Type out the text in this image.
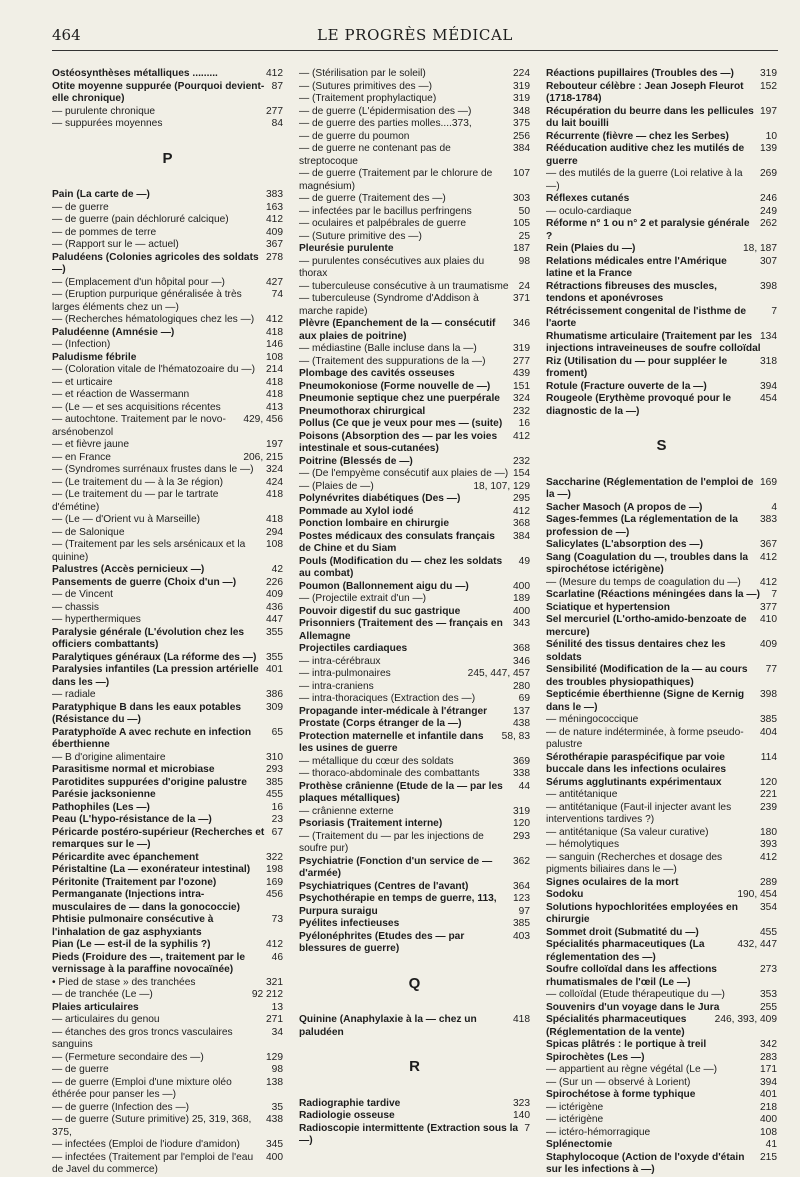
464	LE PROGRÈS MÉDICAL
412
Ostéosynthèses métalliques .........
87
Otite moyenne suppurée (Pourquoi devient-elle chronique)
277
— purulente chronique
84
— suppurées moyennes
P
383
Pain (La carte de —)
163
— de guerre
412
— de guerre (pain déchloruré calcique)
409
— de pommes de terre
367
— (Rapport sur le — actuel)
278
Paludéens (Colonies agricoles des soldats —)
427
— (Emplacement d'un hôpital pour —)
74
— (Eruption purpurique généralisée à très larges éléments chez un —)
412
— (Recherches hématologiques chez les —)
418
Paludéenne (Amnésie —)
146
— (Infection)
108
Paludisme fébrile
214
— (Coloration vitale de l'hématozoaire du —)
418
— et urticaire
418
— et réaction de Wassermann
413
— (Le — et ses acquisitions récentes
429, 456
— autochtone. Traitement par le novo-arsénobenzol
197
— et fièvre jaune
206, 215
— en France
324
— (Syndromes surrénaux frustes dans le —)
424
— (Le traitement du — à la 3e région)
418
— (Le traitement du — par le tartrate d'émétine)
418
— (Le — d'Orient vu à Marseille)
294
— de Salonique
108
— (Traitement par les sels arsénicaux et la quinine)
42
Palustres (Accès pernicieux —)
226
Pansements de guerre (Choix d'un —)
409
— de Vincent
436
— chassis
447
— hyperthermiques
355
Paralysie générale (L'évolution chez les officiers combattants)
355
Paralytiques généraux (La réforme des —)
401
Paralysies infantiles (La pression artérielle dans les —)
386
— radiale
309
Paratyphique B dans les eaux potables (Résistance du —)
65
Paratyphoïde A avec rechute en infection éberthienne
310
— B d'origine alimentaire
293
Parasitisme normal et microbiase
385
Parotidites suppurées d'origine palustre
455
Parésie jacksonienne
16
Pathophiles (Les —)
23
Peau (L'hypo-résistance de la —)
67
Péricarde postéro-supérieur (Recherches et remarques sur le —)
322
Péricardite avec épanchement
198
Péristaltine (La — exonérateur intestinal)
169
Péritonite (Traitement par l'ozone)
456
Permanganate (Injections intra-musculaires de — dans la gonococcie)
73
Phtisie pulmonaire consécutive à l'inhalation de gaz asphyxiants
412
Pian (Le — est-il de la syphilis ?)
46
Pieds (Froidure des —, traitement par le vernissage à la paraffine novocaïnée)
321
• Pied de stase » des tranchées
92 212
— de tranchée (Le —)
13
Plaies articulaires
271
— articulaires du genou
34
— étanches des gros troncs vasculaires sanguins
129
— (Fermeture secondaire des —)
98
— de guerre
138
— de guerre (Emploi d'une mixture oléo éthérée pour panser les —)
35
— de guerre (Infection des —)
438
— de guerre (Suture primitive) 25, 319, 368, 375,
345
— infectées (Emploi de l'iodure d'amidon)
400
— infectées (Traitement par l'emploi de l'eau de Javel du commerce)
224
— (Stérilisation par le soleil)
319
— (Sutures primitives des —)
319
— (Traitement prophylactique)
348
— de guerre (L'épidermisation des —)
375
— de guerre des parties molles....373,
256
— de guerre du poumon
384
— de guerre ne contenant pas de streptocoque
107
— de guerre (Traitement par le chlorure de magnésium)
303
— de guerre (Traitement des —)
50
— infectées par le bacillus perfringens
105
— oculaires et palpébrales de guerre
25
— (Suture primitive des —)
187
Pleurésie purulente
98
— purulentes consécutives aux plaies du thorax
24
— tuberculeuse consécutive à un traumatisme
371
— tuberculeuse (Syndrome d'Addison à marche rapide)
346
Plèvre (Epanchement de la — consécutif aux plaies de poitrine)
319
— médiastine (Balle incluse dans la —)
277
— (Traitement des suppurations de la —)
439
Plombage des cavités osseuses
151
Pneumokoniose (Forme nouvelle de —)
324
Pneumonie septique chez une puerpérale
232
Pneumothorax chirurgical
16
Pollus (Ce que je veux pour mes — (suite)
412
Poisons (Absorption des — par les voies intestinale et sous-cutanées)
232
Poitrine (Blessés de —)
154
— (De l'empyème consécutif aux plaies de —)
18, 107, 129
— (Plaies de —)
295
Polynévrites diabétiques (Des —)
412
Pommade au Xylol iodé
368
Ponction lombaire en chirurgie
384
Postes médicaux des consulats français de Chine et du Siam
49
Pouls (Modification du — chez les soldats au combat)
400
Poumon (Ballonnement aigu du —)
189
— (Projectile extrait d'un —)
400
Pouvoir digestif du suc gastrique
343
Prisonniers (Traitement des — français en Allemagne
368
Projectiles cardiaques
346
— intra-cérébraux
245, 447, 457
— intra-pulmonaires
280
— intra-craniens
69
— intra-thoraciques (Extraction des —)
137
Propagande inter-médicale à l'étranger
438
Prostate (Corps étranger de la —)
58, 83
Protection maternelle et infantile dans les usines de guerre
369
— métallique du cœur des soldats
338
— thoraco-abdominale des combattants
44
Prothèse crânienne (Etude de la — par les plaques métalliques)
319
— crânienne externe
120
Psoriasis (Traitement interne)
293
— (Traitement du — par les injections de soufre pur)
362
Psychiatrie (Fonction d'un service de — d'armée)
364
Psychiatriques (Centres de l'avant)
123
Psychothérapie en temps de guerre, 113,
97
Purpura suraigu
385
Pyélites infectieuses
403
Pyélonéphrites (Etudes des — par blessures de guerre)
Q
418
Quinine (Anaphylaxie à la — chez un paludéen
R
323
Radiographie tardive
140
Radiologie osseuse
7
Radioscopie intermittente (Extraction sous la —)
319
Réactions pupillaires (Troubles des —)
152
Rebouteur célèbre : Jean Joseph Fleurot (1718-1784)
197
Récupération du beurre dans les pellicules du lait bouilli
10
Récurrente (fièvre — chez les Serbes)
139
Rééducation auditive chez les mutilés de guerre
269
— des mutilés de la guerre (Loi relative à la —)
246
Réflexes cutanés
249
— oculo-cardiaque
262
Réforme n° 1 ou n° 2 et paralysie générale ?
18, 187
Rein (Plaies du —)
307
Relations médicales entre l'Amérique latine et la France
398
Rétractions fibreuses des muscles, tendons et aponévroses
7
Rétrécissement congenital de l'isthme de l'aorte
134
Rhumatisme articulaire (Traitement par les injections intraveineuses de soufre colloïdal
318
Riz (Utilisation du — pour suppléer le froment)
394
Rotule (Fracture ouverte de la —)
454
Rougeole (Erythème provoqué pour le diagnostic de la —)
S
169
Saccharine (Réglementation de l'emploi de la —)
4
Sacher Masoch (A propos de —)
383
Sages-femmes (La réglementation de la profession de —)
367
Salicylates (L'absorption des —)
412
Sang (Coagulation du —, troubles dans la spirochétose ictérigène)
412
— (Mesure du temps de coagulation du —)
7
Scarlatine (Réactions méningées dans la —)
377
Sciatique et hypertension
410
Sel mercuriel (L'ortho-amido-benzoate de mercure)
409
Sénilité des tissus dentaires chez les soldats
77
Sensibilité (Modification de la — au cours des troubles physiopathiques)
398
Septicémie éberthienne (Signe de Kernig dans le —)
385
— méningococcique
404
— de nature indéterminée, à forme pseudo-palustre
114
Sérothérapie paraspécifique par voie buccale dans les infections oculaires
120
Sérums agglutinants expérimentaux
221
— antitétanique
239
— antitétanique (Faut-il injecter avant les interventions tardives ?)
180
— antitétanique (Sa valeur curative)
393
— hémolytiques
412
— sanguin (Recherches et dosage des pigments biliaires dans le —)
289
Signes oculaires de la mort
190, 454
Sodoku
354
Solutions hypochloritées employées en chirurgie
455
Sommet droit (Submatité du —)
432, 447
Spécialités pharmaceutiques (La réglementation des —)
273
Soufre colloïdal dans les affections rhumatismales de l'œil (Le —)
353
— colloïdal (Etude thérapeutique du —)
255
Souvenirs d'un voyage dans le Jura
246, 393, 409
Spécialités pharmaceutiques (Réglementation de la vente)
342
Spicas plâtrés : le portique à treil
283
Spirochètes (Les —)
171
— appartient au règne végétal (Le —)
394
— (Sur un — observé à Lorient)
401
Spirochétose à forme typhique
218
— ictérigène
400
— ictérigène
108
— ictéro-hémorragique
41
Splénectomie
215
Staphylocoque (Action de l'oxyde d'étain sur les infections à —)
